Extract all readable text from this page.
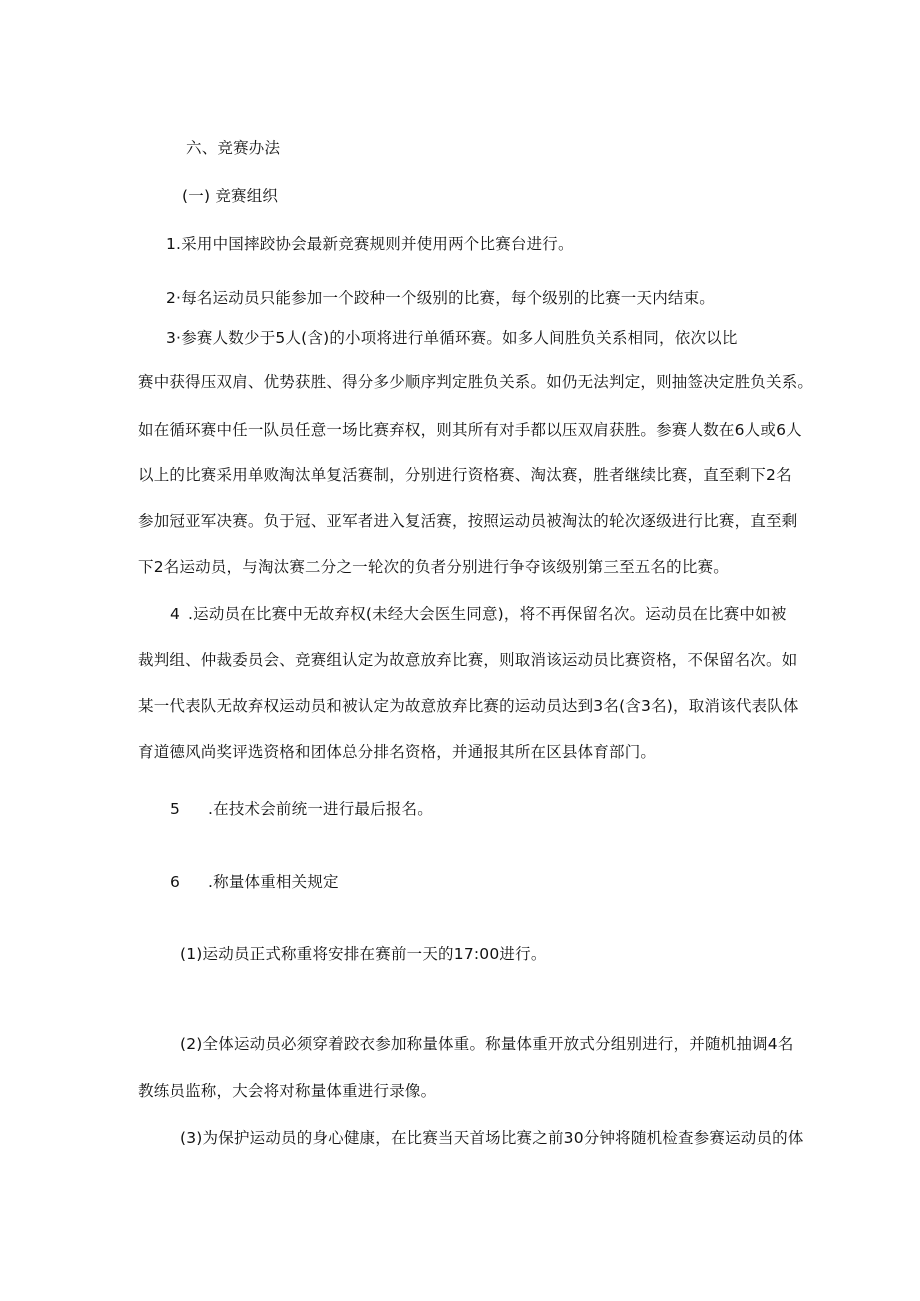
六、竞赛办法
(一) 竞赛组织
1.采用中国摔跤协会最新竞赛规则并使用两个比赛台进行。
2·每名运动员只能参加一个跤种一个级别的比赛，每个级别的比赛一天内结束。
3·参赛人数少于5人(含)的小项将进行单循环赛。如多人间胜负关系相同，依次以比
赛中获得压双肩、优势获胜、得分多少顺序判定胜负关系。如仍无法判定，则抽签决定胜负关系。
如在循环赛中任一队员任意一场比赛弃权，则其所有对手都以压双肩获胜。参赛人数在6人或6人
以上的比赛采用单败淘汰单复活赛制，分别进行资格赛、淘汰赛，胜者继续比赛，直至剩下2名
参加冠亚军决赛。负于冠、亚军者进入复活赛，按照运动员被淘汰的轮次逐级进行比赛，直至剩
下2名运动员，与淘汰赛二分之一轮次的负者分别进行争夺该级别第三至五名的比赛。
4 .运动员在比赛中无故弃权(未经大会医生同意)，将不再保留名次。运动员在比赛中如被
裁判组、仲裁委员会、竞赛组认定为故意放弃比赛，则取消该运动员比赛资格，不保留名次。如
某一代表队无故弃权运动员和被认定为故意放弃比赛的运动员达到3名(含3名)，取消该代表队体
育道德风尚奖评选资格和团体总分排名资格，并通报其所在区县体育部门。
5 .在技术会前统一进行最后报名。
6 .称量体重相关规定
(1)运动员正式称重将安排在赛前一天的17:00进行。
(2)全体运动员必须穿着跤衣参加称量体重。称量体重开放式分组别进行，并随机抽调4名
教练员监称，大会将对称量体重进行录像。
(3)为保护运动员的身心健康，在比赛当天首场比赛之前30分钟将随机检查参赛运动员的体
